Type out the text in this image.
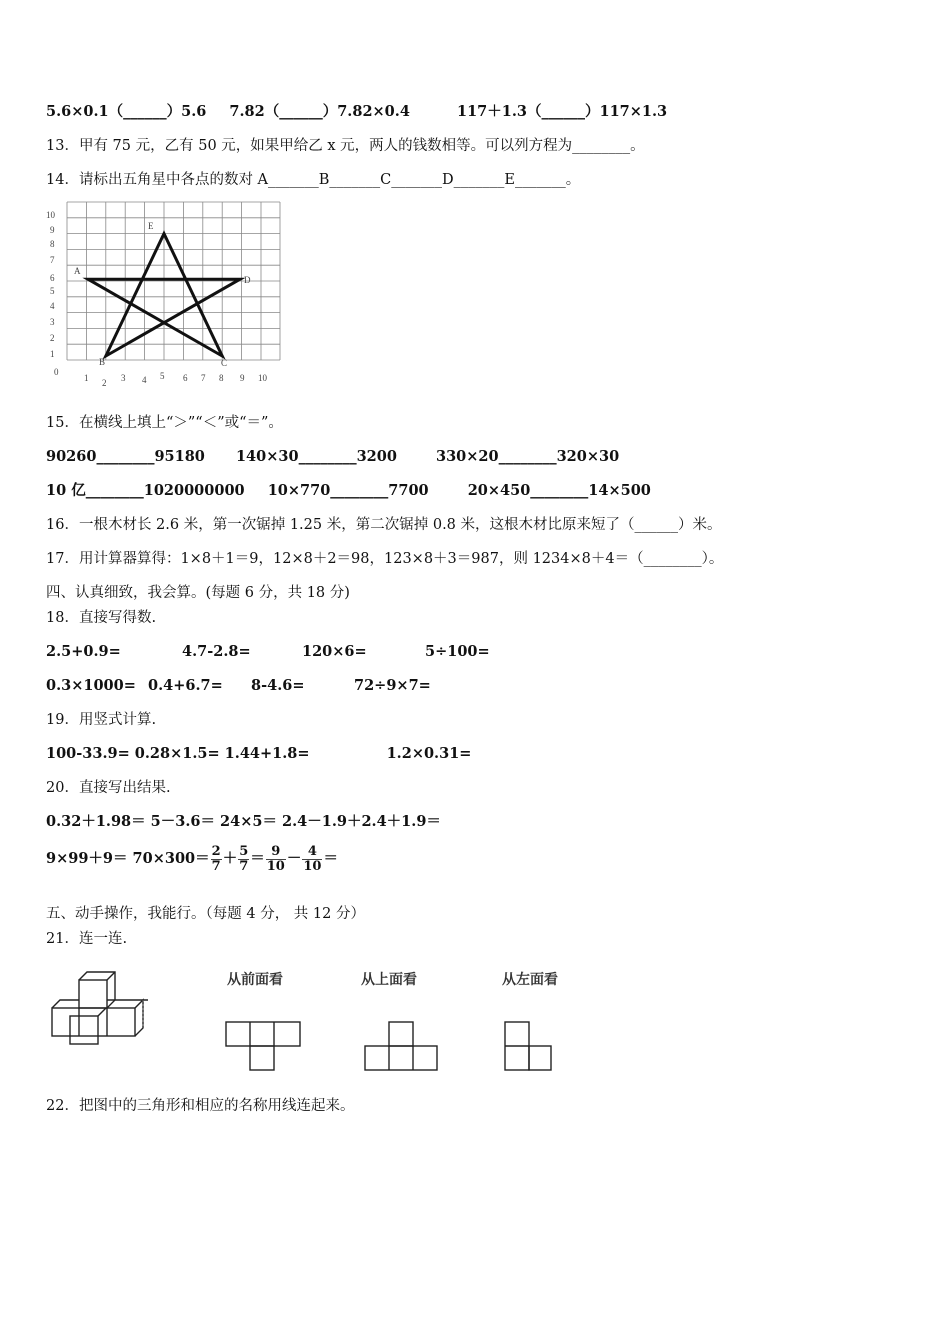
5.6×0.1（______）5.6 7.82（______）7.82×0.4	117＋1.3（______）117×1.3
13．甲有 75 元，乙有 50 元，如果甲给乙 x 元，两人的钱数相等。可以列方程为________。
14．请标出五角星中各点的数对 A_______B_______C_______D_______E_______。
0
1 2 3 4 5 6 7 8 9 10
1
2
3
4
5
6
7
8
9
10
A
B	C
D
E
15．在横线上填上“＞”“＜”或“＝”。
90260________95180 140×30________3200	330×20________320×30
10 亿________1020000000 10×770________7700	20×450________14×500
16．一根木材长 2.6 米，第一次锯掉 1.25 米，第二次锯掉 0.8 米，这根木材比原来短了（______）米。
17．用计算器算得：1×8＋1＝9，12×8＋2＝98，123×8＋3＝987，则 1234×8＋4＝（________）。
四、认真细致，我会算。(每题 6 分，共 18 分)
18．直接写得数.
2.5+0.9=	4.7-2.8=	120×6=	5÷100=
0.3×1000= 0.4+6.7= 8-4.6=	72÷9×7=
19．用竖式计算.
100-33.9= 0.28×1.5= 1.44+1.8=	1.2×0.31=
20．直接写出结果.
0.32＋1.98＝ 5－3.6＝ 24×5＝ 2.4－1.9＋2.4＋1.9＝
$9\times 99+9= 70\times 300= \frac{2}{7} + \frac{5}{7} = \frac{9}{10} - \frac{4}{10}$ ＝
五、动手操作，我能行。（每题 4 分， 共 12 分）
21．连一连.
从前面看	从上面看	从左面看
22．把图中的三角形和相应的名称用线连起来。
